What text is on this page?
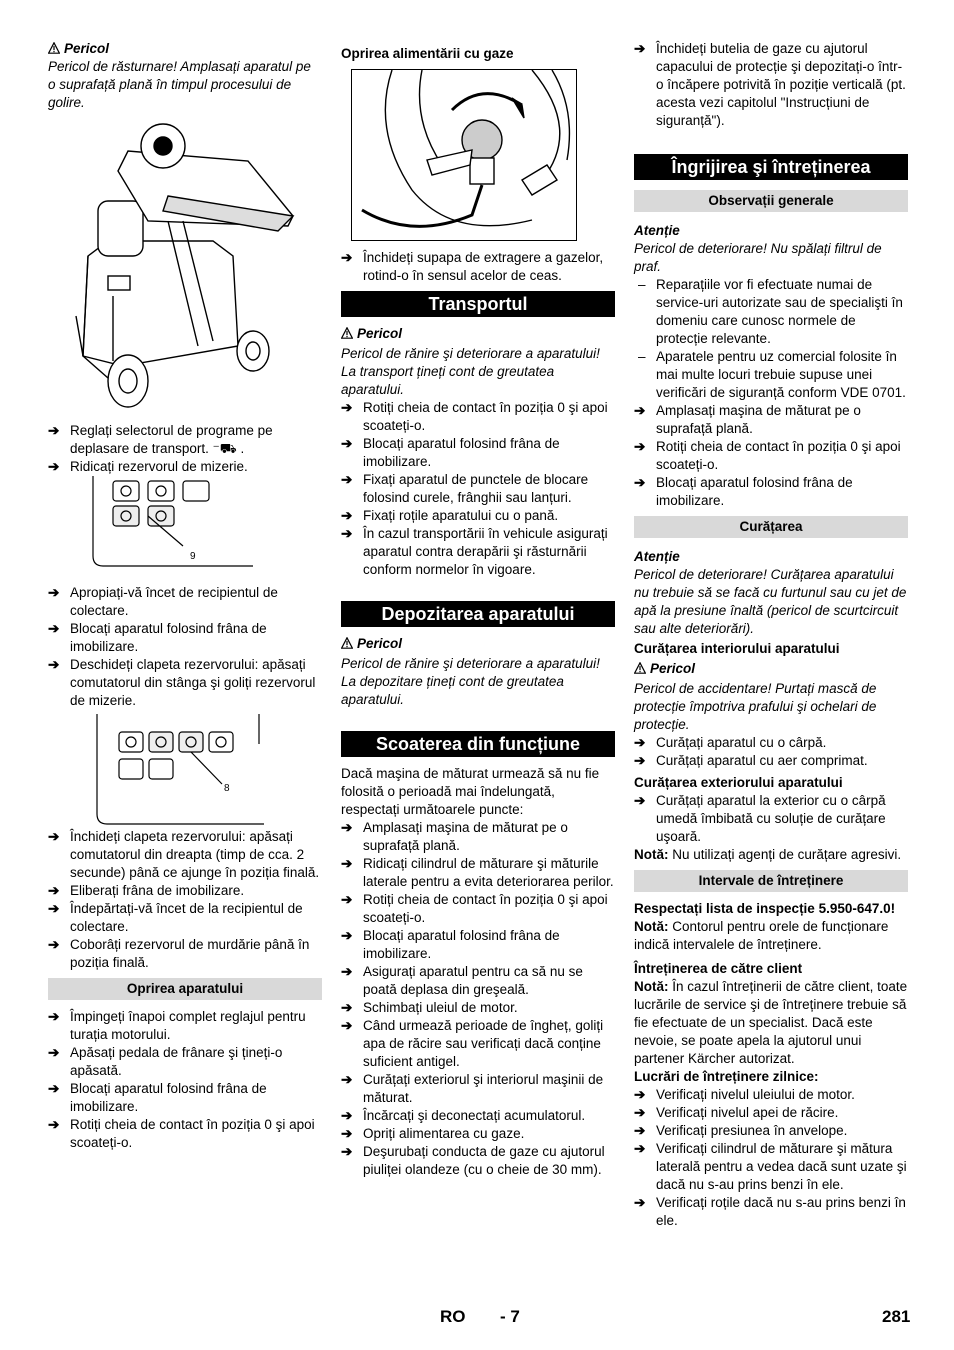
Pericol

Pericol de răsturnare! Amplasați aparatul pe o suprafață plană în timpul procesului de golire.

➔ Reglați selectorul de programe pe deplasare de transport. ⁻⛟ .

➔ Ridicați rezervorul de mizerie.

9

➔ Apropiați-vă încet de recipientul de colectare.

➔ Blocați aparatul folosind frâna de imobilizare.

➔ Deschideți clapeta rezervorului: apăsați comutatorul din stânga şi goliți rezervorul de mizerie.

8

➔ Închideți clapeta rezervorului: apăsați comutatorul din dreapta (timp de cca. 2 secunde) până ce ajunge în poziția finală.

➔ Eliberați frâna de imobilizare.

➔ Îndepărtați-vă încet de la recipientul de colectare.

➔ Coborâți rezervorul de murdărie până în poziția finală.

Oprirea aparatului

➔ Împingeți înapoi complet reglajul pentru turația motorului.

➔ Apăsați pedala de frânare şi țineți-o apăsată.

➔ Blocați aparatul folosind frâna de imobilizare.

➔ Rotiți cheia de contact în poziția 0 şi apoi scoateți-o.

Oprirea alimentării cu gaze

➔ Închideți supapa de extragere a gazelor, rotind-o în sensul acelor de ceas.

Transportul

Pericol

Pericol de rănire şi deteriorare a aparatului! La transport țineți cont de greutatea aparatului.

➔ Rotiți cheia de contact în poziția 0 şi apoi scoateți-o.

➔ Blocați aparatul folosind frâna de imobilizare.

➔ Fixați aparatul de punctele de blocare folosind curele, frânghii sau lanțuri.

➔ Fixați roțile aparatului cu o pană.

➔ În cazul transportării în vehicule asigurați aparatul contra derapării şi răsturnării conform normelor în vigoare.

Depozitarea aparatului

Pericol

Pericol de rănire şi deteriorare a aparatului! La depozitare țineți cont de greutatea aparatului.

Scoaterea din funcțiune

Dacă maşina de măturat urmează să nu fie folosită o perioadă mai îndelungată, respectați următoarele puncte:

➔ Amplasați maşina de măturat pe o suprafață plană.

➔ Ridicați cilindrul de măturare şi măturile laterale pentru a evita deteriorarea perilor.

➔ Rotiți cheia de contact în poziția 0 şi apoi scoateți-o.

➔ Blocați aparatul folosind frâna de imobilizare.

➔ Asigurați aparatul pentru ca să nu se poată deplasa din greşeală.

➔ Schimbați uleiul de motor.

➔ Când urmează perioade de îngheț, goliți apa de răcire sau verificați dacă conține suficient antigel.

➔ Curățați exteriorul şi interiorul maşinii de măturat.

➔ Încărcați şi deconectați acumulatorul.

➔ Opriți alimentarea cu gaze.

➔ Deşurubați conducta de gaze cu ajutorul piuliței olandeze (cu o cheie de 30 mm).

➔ Închideți butelia de gaze cu ajutorul capacului de protecție şi depozitați-o într-o încăpere potrivită în poziție verticală (pt. acesta vezi capitolul "Instrucțiuni de siguranță").

Îngrijirea şi întreținerea

Observații generale

Atenție

Pericol de deteriorare! Nu spălați filtrul de praf.

– Reparațiile vor fi efectuate numai de service-uri autorizate sau de specialişti în domeniu care cunosc normele de protecție relevante.

– Aparatele pentru uz comercial folosite în mai multe locuri trebuie supuse unei verificări de siguranță conform VDE 0701.

➔ Amplasați maşina de măturat pe o suprafață plană.

➔ Rotiți cheia de contact în poziția 0 şi apoi scoateți-o.

➔ Blocați aparatul folosind frâna de imobilizare.

Curățarea

Atenție

Pericol de deteriorare! Curățarea aparatului nu trebuie să se facă cu furtunul sau cu jet de apă la presiune înaltă (pericol de scurtcircuit sau alte deteriorări).

Curățarea interiorului aparatului

Pericol

Pericol de accidentare! Purtați mască de protecție împotriva prafului şi ochelari de protecție.

➔ Curățați aparatul cu o cârpă.

➔ Curățați aparatul cu aer comprimat.

Curățarea exteriorului aparatului

➔ Curățați aparatul la exterior cu o cârpă umedă îmbibată cu soluție de curățare uşoară.

Notă: Nu utilizați agenți de curățare agresivi.

Intervale de întreținere

Respectați lista de inspecție 5.950-647.0!

Notă: Contorul pentru orele de funcționare indică intervalele de întreținere.

Întreținerea de către client

Notă: În cazul întreținerii de către client, toate lucrările de service şi de întreținere trebuie să fie efectuate de un specialist. Dacă este nevoie, se poate apela la ajutorul unui partener Kärcher autorizat.

Lucrări de întreținere zilnice:

➔ Verificați nivelul uleiului de motor.

➔ Verificați nivelul apei de răcire.

➔ Verificați presiunea în anvelope.

➔ Verificați cilindrul de măturare şi mătura laterală pentru a vedea dacă sunt uzate şi dacă nu s-au prins benzi în ele.

➔ Verificați roțile dacă nu s-au prins benzi în ele.

RO - 7	281
